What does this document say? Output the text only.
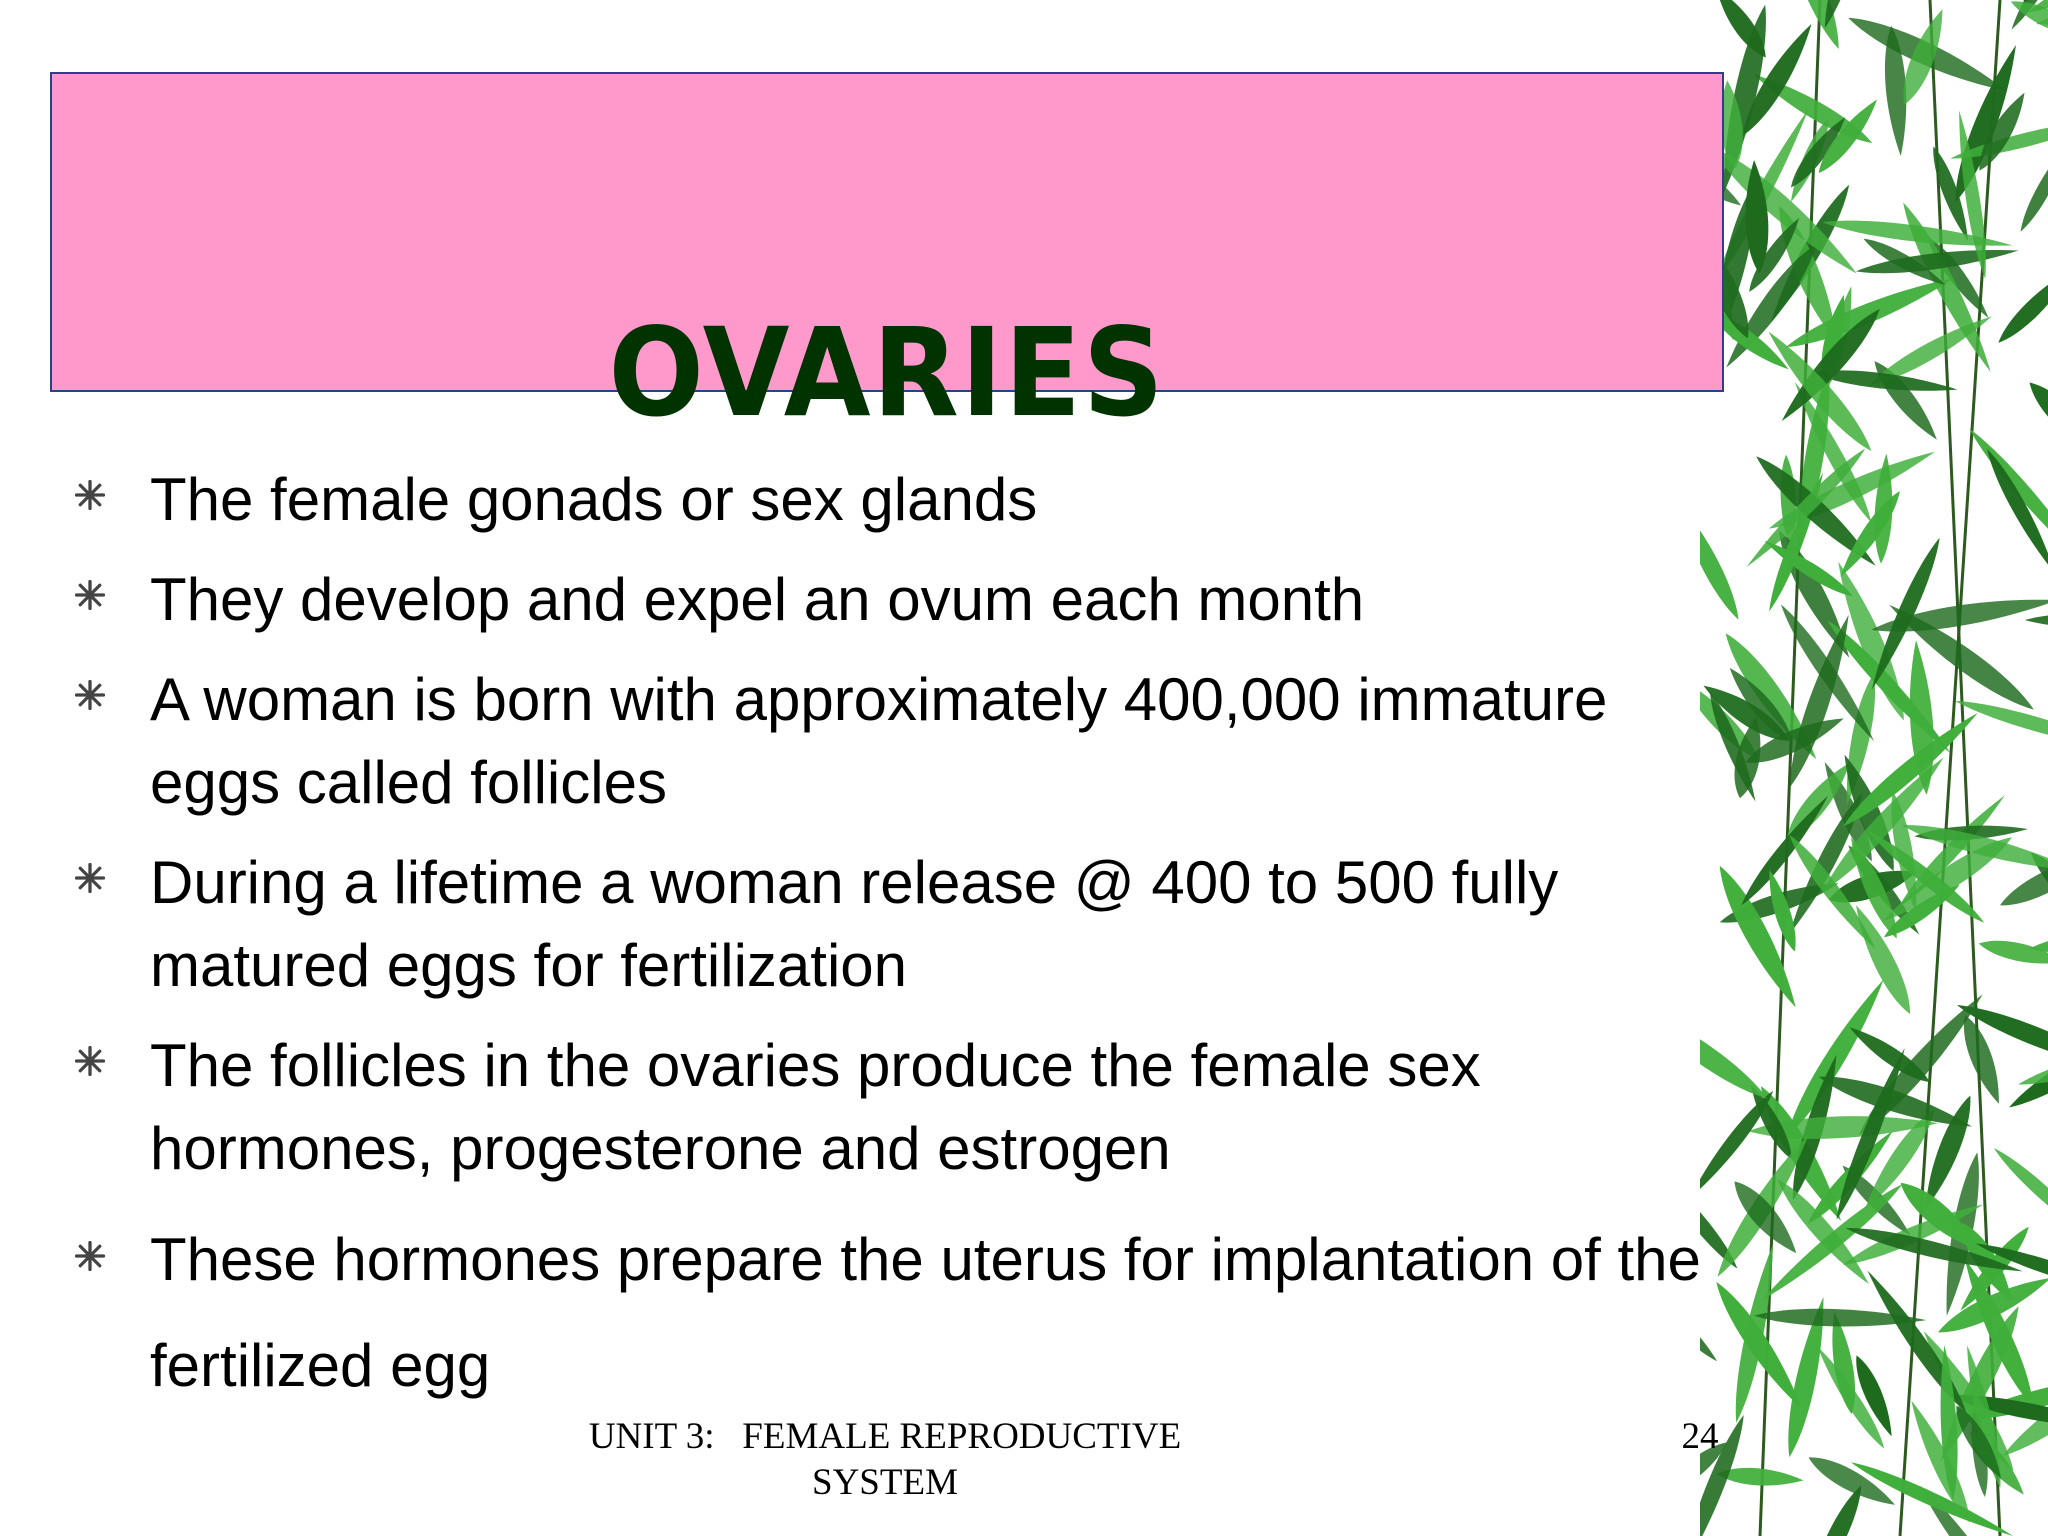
OVARIES
The female gonads or sex glands
They develop and expel an ovum each month
A woman is born with approximately 400,000 immature eggs called follicles
During a lifetime a woman release @ 400 to 500 fully matured eggs for fertilization
The follicles in the ovaries produce the female sex hormones, progesterone and estrogen
These hormones prepare the uterus for implantation of the fertilized egg
UNIT 3:   FEMALE REPRODUCTIVE SYSTEM
24
